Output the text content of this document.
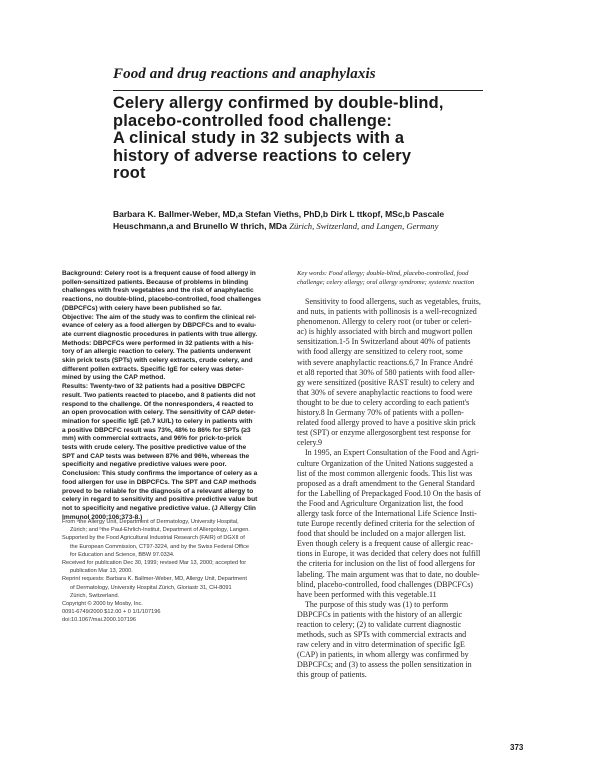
Food and drug reactions and anaphylaxis
Celery allergy confirmed by double-blind,
placebo-controlled food challenge:
A clinical study in 32 subjects with a
history of adverse reactions to celery
root
Barbara K. Ballmer-Weber, MD,a Stefan Vieths, PhD,b Dirk L ttkopf, MSc,b Pascale
Heuschmann,a and Brunello W thrich, MDa Zürich, Switzerland, and Langen, Germany
Background: Celery root is a frequent cause of food allergy in
pollen-sensitized patients. Because of problems in blinding
challenges with fresh vegetables and the risk of anaphylactic
reactions, no double-blind, placebo-controlled, food challenges
(DBPCFCs) with celery have been published so far.
Objective: The aim of the study was to confirm the clinical rel-
evance of celery as a food allergen by DBPCFCs and to evalu-
ate current diagnostic procedures in patients with true allergy.
Methods: DBPCFCs were performed in 32 patients with a his-
tory of an allergic reaction to celery. The patients underwent
skin prick tests (SPTs) with celery extracts, crude celery, and
different pollen extracts. Specific IgE for celery was deter-
mined by using the CAP method.
Results: Twenty-two of 32 patients had a positive DBPCFC
result. Two patients reacted to placebo, and 8 patients did not
respond to the challenge. Of the nonresponders, 4 reacted to
an open provocation with celery. The sensitivity of CAP deter-
mination for specific IgE (≥0.7 kU/L) to celery in patients with
a positive DBPCFC result was 73%, 48% to 86% for SPTs (≥3
mm) with commercial extracts, and 96% for prick-to-prick
tests with crude celery. The positive predictive value of the
SPT and CAP tests was between 87% and 96%, whereas the
specificity and negative predictive values were poor.
Conclusion: This study confirms the importance of celery as a
food allergen for use in DBPCFCs. The SPT and CAP methods
proved to be reliable for the diagnosis of a relevant allergy to
celery in regard to sensitivity and positive predictive value but
not to specificity and negative predictive value. (J Allergy Clin
Immunol 2000;106:373-8.)
Key words: Food allergy; double-blind, placebo-controlled, food
challenge; celery allergy; oral allergy syndrome; systemic reaction
Sensitivity to food allergens, such as vegetables, fruits,
and nuts, in patients with pollinosis is a well-recognized
phenomenon. Allergy to celery root (or tuber or celeri-
ac) is highly associated with birch and mugwort pollen
sensitization.1-5 In Switzerland about 40% of patients
with food allergy are sensitized to celery root, some
with severe anaphylactic reactions.6,7 In France André
et al8 reported that 30% of 580 patients with food aller-
gy were sensitized (positive RAST result) to celery and
that 30% of severe anaphylactic reactions to food were
thought to be due to celery according to each patient's
history.8 In Germany 70% of patients with a pollen-
related food allergy proved to have a positive skin prick
test (SPT) or enzyme allergosorgbent test response for
celery.9
In 1995, an Expert Consultation of the Food and Agri-
culture Organization of the United Nations suggested a
list of the most common allergenic foods. This list was
proposed as a draft amendment to the General Standard
for the Labelling of Prepackaged Food.10 On the basis of
the Food and Agriculture Organization list, the food
allergy task force of the International Life Science Insti-
tute Europe recently defined criteria for the selection of
food that should be included on a major allergen list.
Even though celery is a frequent cause of allergic reac-
tions in Europe, it was decided that celery does not fulfill
the criteria for inclusion on the list of food allergens for
labeling. The main argument was that to date, no double-
blind, placebo-controlled, food challenges (DBPCFCs)
have been performed with this vegetable.11
The purpose of this study was (1) to perform
DBPCFCs in patients with the history of an allergic
reaction to celery; (2) to validate current diagnostic
methods, such as SPTs with commercial extracts and
raw celery and in vitro determination of specific IgE
(CAP) in patients, in whom allergy was confirmed by
DBPCFCs; and (3) to assess the pollen sensitization in
this group of patients.
From ᵃthe Allergy Unit, Department of Dermatology, University Hospital,
Zürich; and ᵇthe Paul-Ehrlich-Institut, Department of Allergology, Langen.
Supported by the Food Agricultural Industrial Research (FAIR) of DGXII of
the European Commission, CT97-3224, and by the Swiss Federal Office
for Education and Science, BBW 97.0334.
Received for publication Dec 30, 1999; revised Mar 13, 2000; accepted for
publication Mar 13, 2000.
Reprint requests: Barbara K. Ballmer-Weber, MD, Allergy Unit, Department
of Dermatology, University Hospital Zürich, Gloriastr 31, CH-8091
Zürich, Switzerland.
Copyright © 2000 by Mosby, Inc.
0091-6749/2000 $12.00 + 0 1/1/107196
doi:10.1067/mai.2000.107196
373
